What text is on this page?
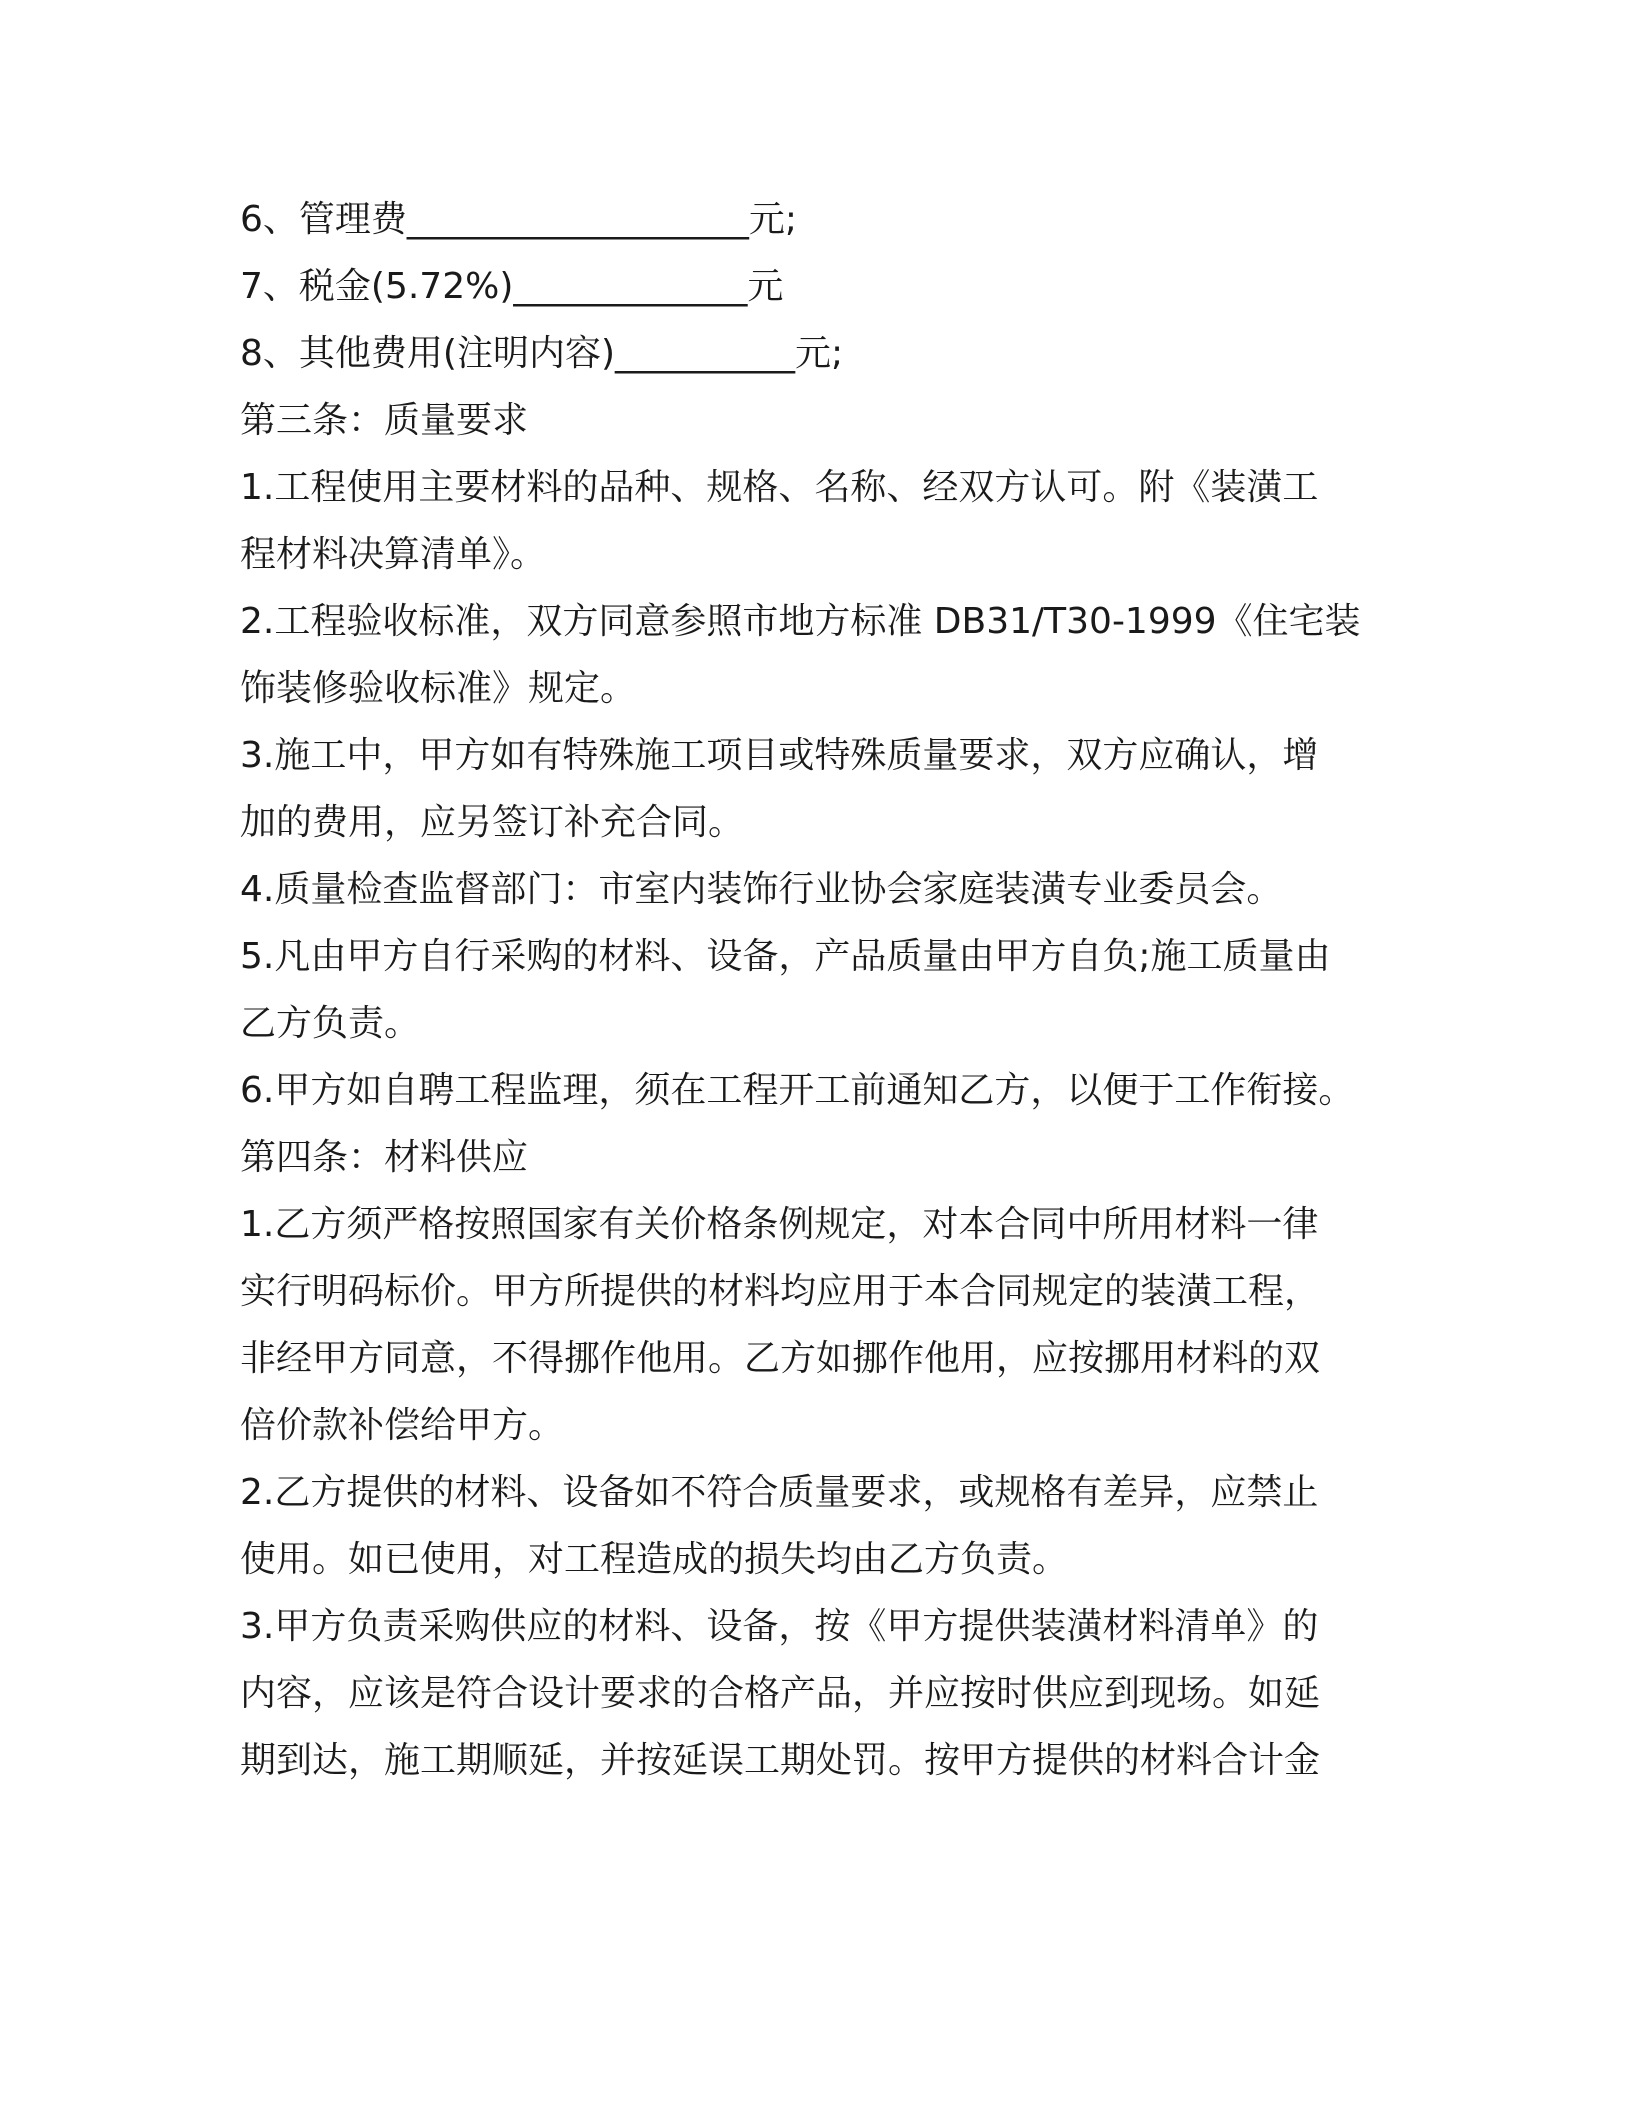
6、管理费___________________元;

7、税金(5.72%)_____________元

8、其他费用(注明内容)__________元;

第三条：质量要求

1.工程使用主要材料的品种、规格、名称、经双方认可。附《装潢工

程材料决算清单》。

2.工程验收标准，双方同意参照市地方标准 DB31/T30-1999《住宅装

饰装修验收标准》规定。

3.施工中，甲方如有特殊施工项目或特殊质量要求，双方应确认，增

加的费用，应另签订补充合同。

4.质量检查监督部门：市室内装饰行业协会家庭装潢专业委员会。

5.凡由甲方自行采购的材料、设备，产品质量由甲方自负;施工质量由

乙方负责。

6.甲方如自聘工程监理，须在工程开工前通知乙方，以便于工作衔接。

第四条：材料供应

1.乙方须严格按照国家有关价格条例规定，对本合同中所用材料一律

实行明码标价。甲方所提供的材料均应用于本合同规定的装潢工程，

非经甲方同意，不得挪作他用。乙方如挪作他用，应按挪用材料的双

倍价款补偿给甲方。

2.乙方提供的材料、设备如不符合质量要求，或规格有差异，应禁止

使用。如已使用，对工程造成的损失均由乙方负责。

3.甲方负责采购供应的材料、设备，按《甲方提供装潢材料清单》的

内容，应该是符合设计要求的合格产品，并应按时供应到现场。如延

期到达，施工期顺延，并按延误工期处罚。按甲方提供的材料合计金
